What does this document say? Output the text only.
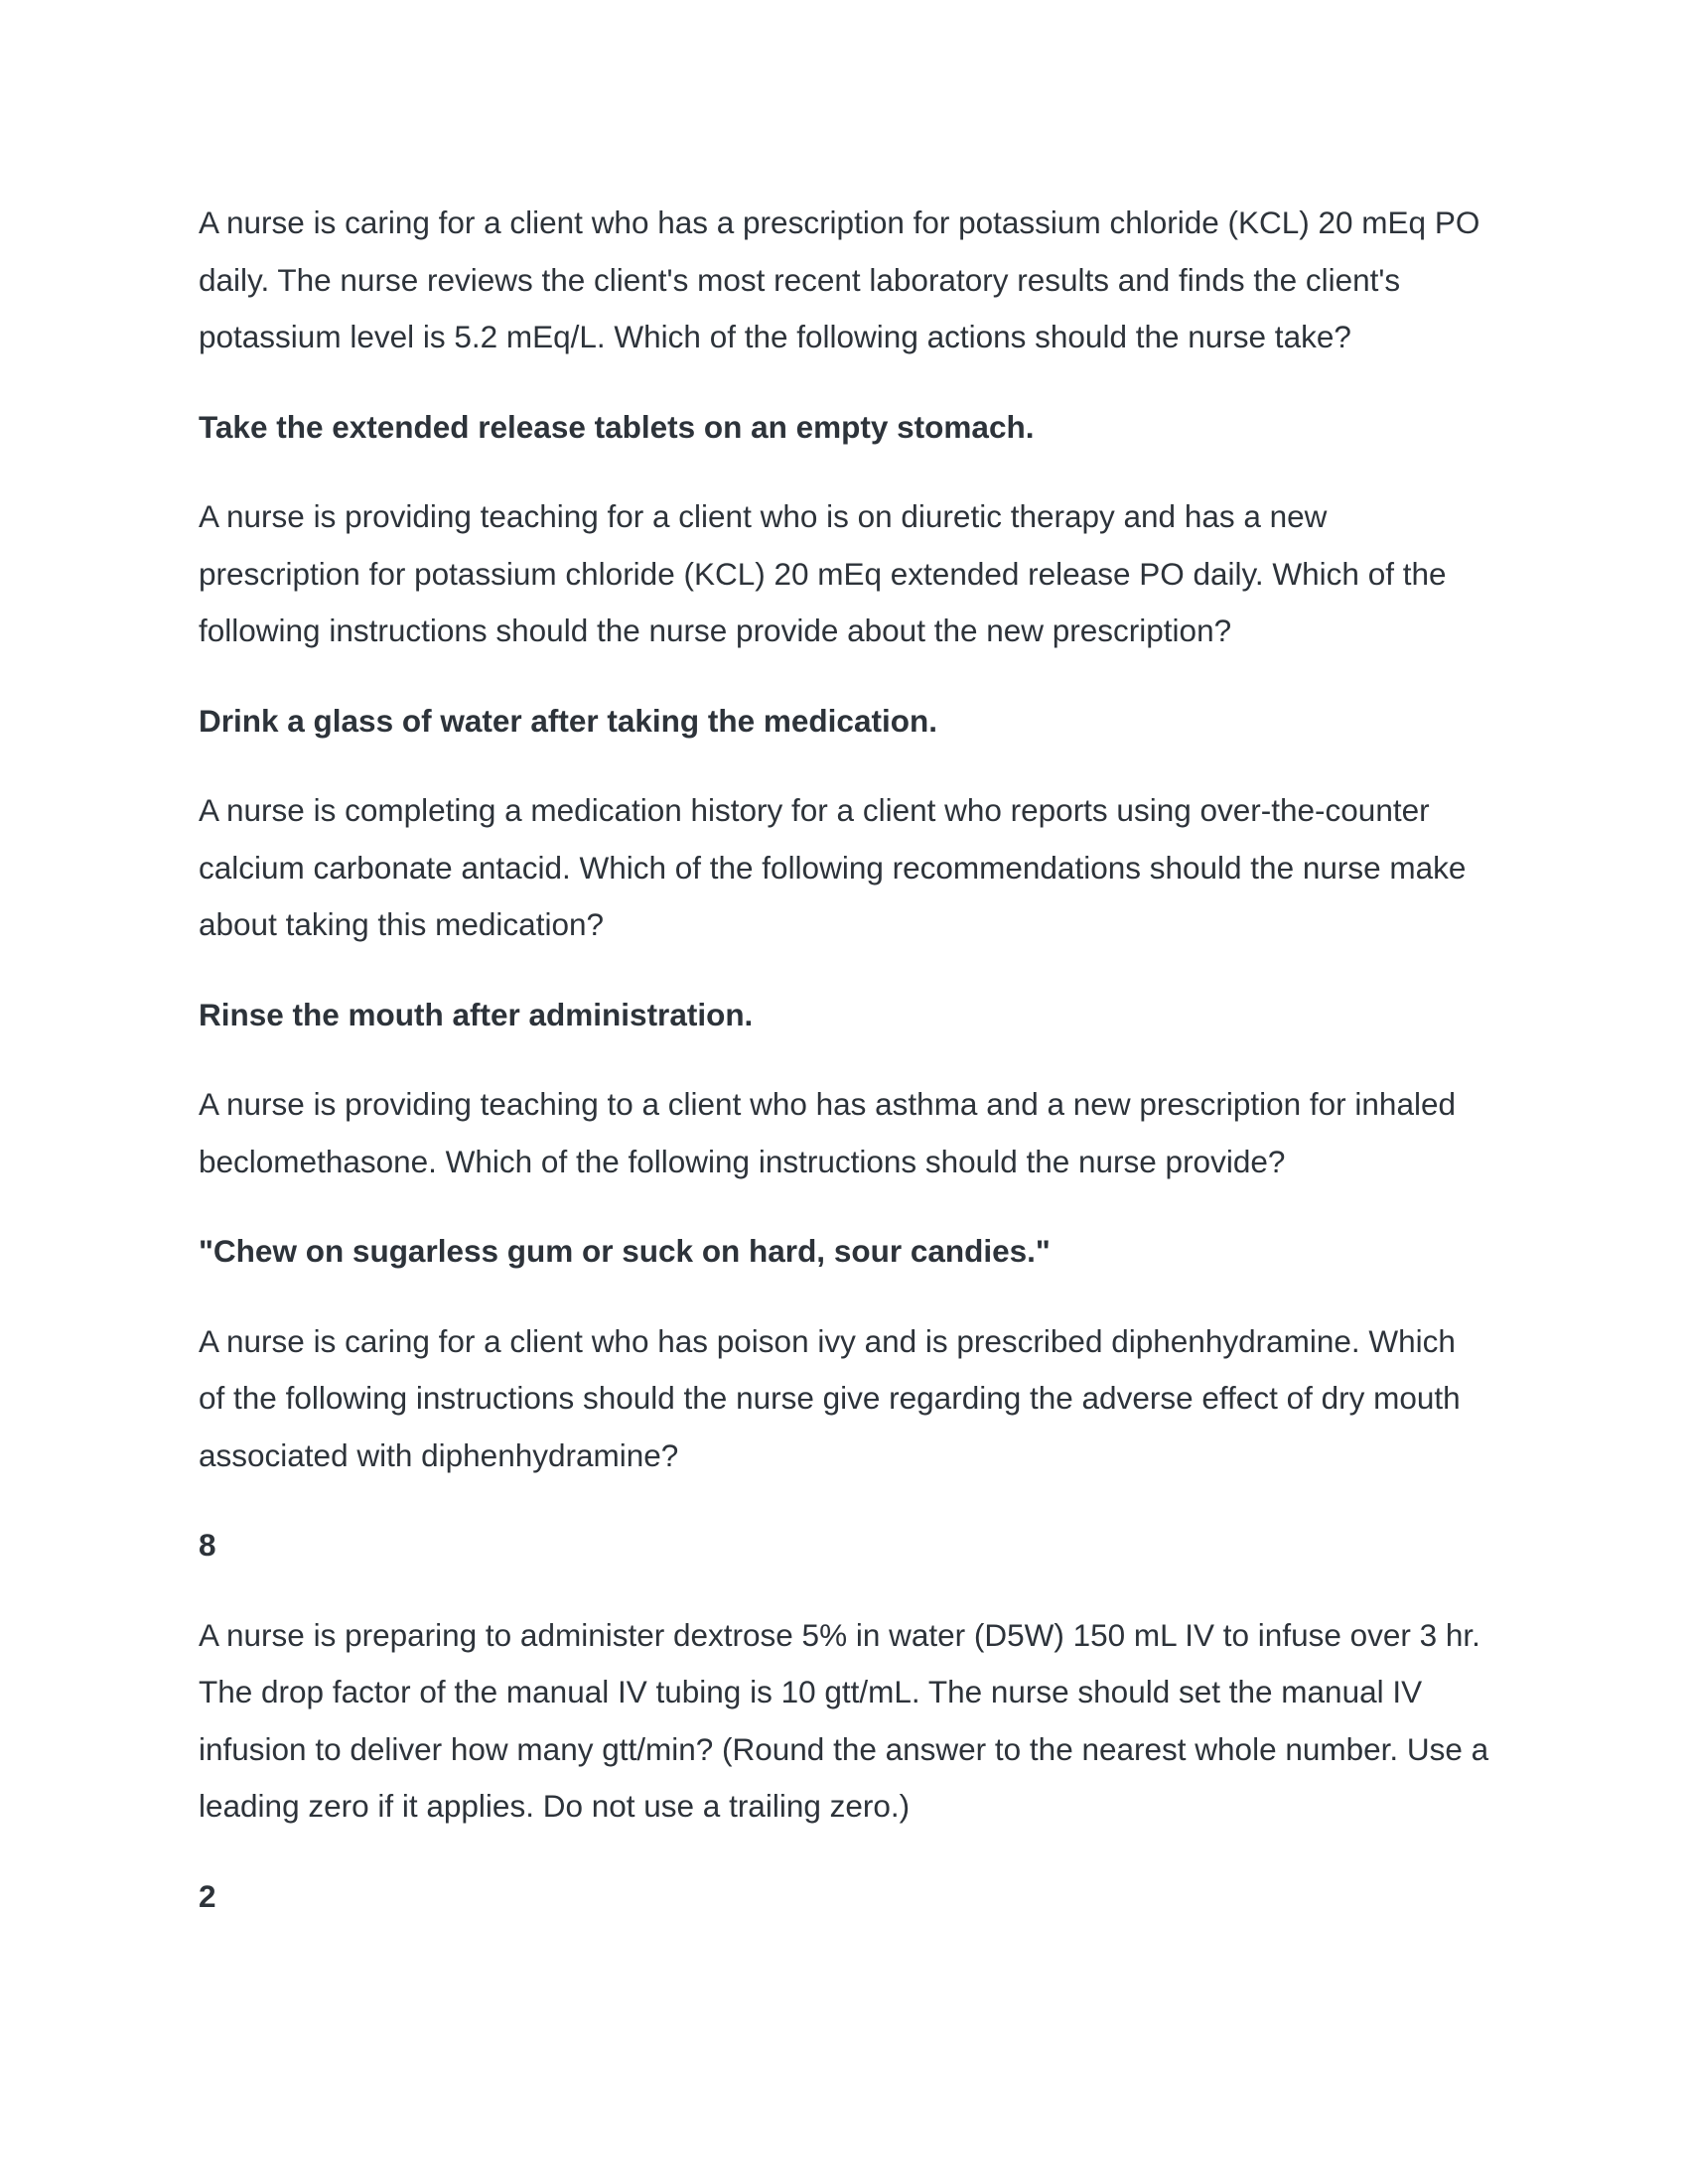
A nurse is caring for a client who has a prescription for potassium chloride (KCL) 20 mEq PO daily. The nurse reviews the client's most recent laboratory results and finds the client's potassium level is 5.2 mEq/L. Which of the following actions should the nurse take?

Take the extended release tablets on an empty stomach.

A nurse is providing teaching for a client who is on diuretic therapy and has a new prescription for potassium chloride (KCL) 20 mEq extended release PO daily. Which of the following instructions should the nurse provide about the new prescription?

Drink a glass of water after taking the medication.

A nurse is completing a medication history for a client who reports using over-the-counter calcium carbonate antacid. Which of the following recommendations should the nurse make about taking this medication?

Rinse the mouth after administration.

A nurse is providing teaching to a client who has asthma and a new prescription for inhaled beclomethasone. Which of the following instructions should the nurse provide?

"Chew on sugarless gum or suck on hard, sour candies."

A nurse is caring for a client who has poison ivy and is prescribed diphenhydramine. Which of the following instructions should the nurse give regarding the adverse effect of dry mouth associated with diphenhydramine?

8

A nurse is preparing to administer dextrose 5% in water (D5W) 150 mL IV to infuse over 3 hr. The drop factor of the manual IV tubing is 10 gtt/mL. The nurse should set the manual IV infusion to deliver how many gtt/min? (Round the answer to the nearest whole number. Use a leading zero if it applies. Do not use a trailing zero.)

2
